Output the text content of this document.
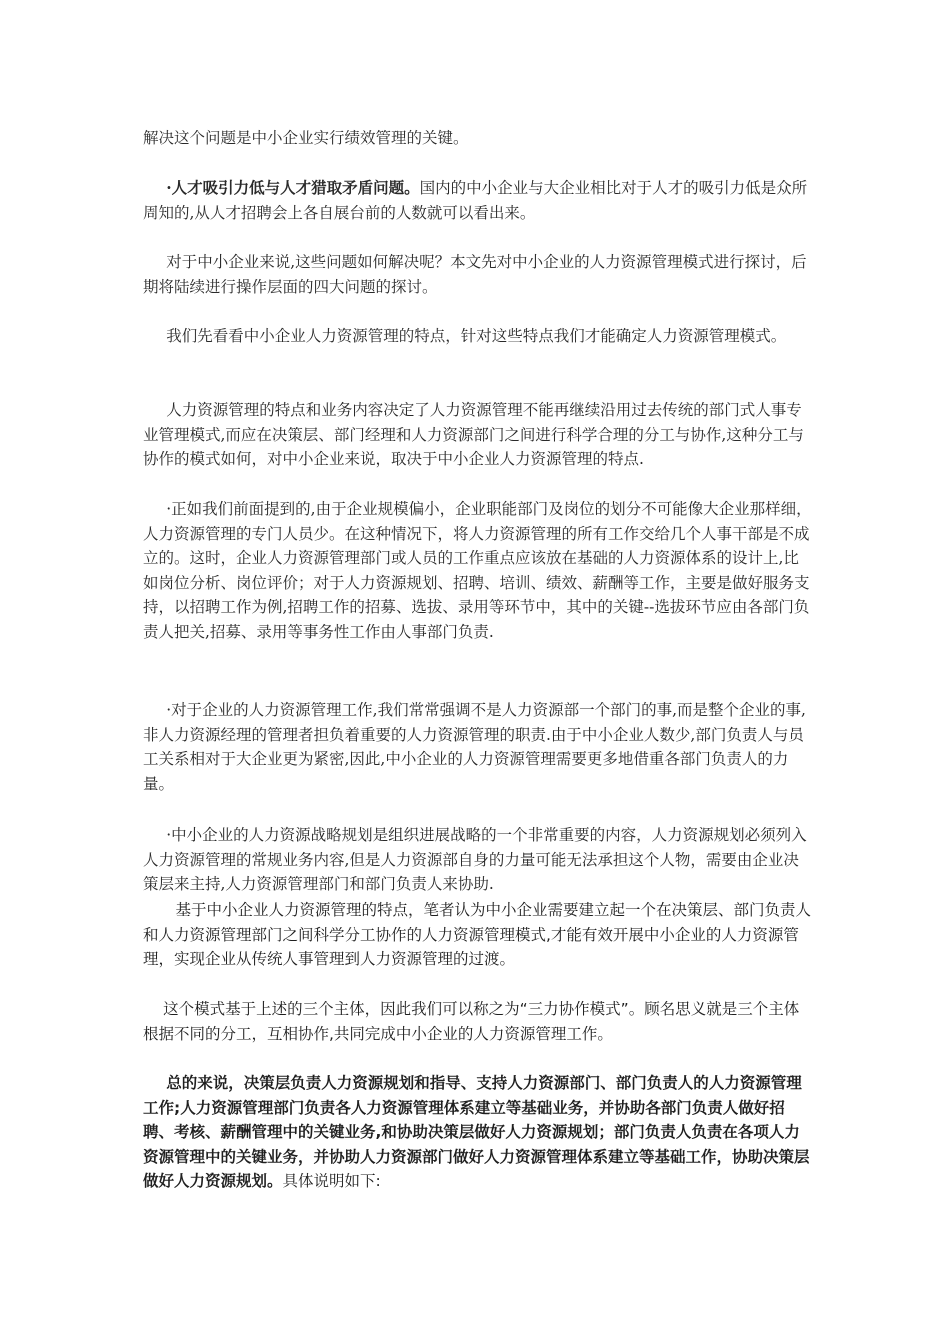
解决这个问题是中小企业实行绩效管理的关键。

·人才吸引力低与人才猎取矛盾问题。国内的中小企业与大企业相比对于人才的吸引力低是众所周知的,从人才招聘会上各自展台前的人数就可以看出来。

对于中小企业来说,这些问题如何解决呢？本文先对中小企业的人力资源管理模式进行探讨，后期将陆续进行操作层面的四大问题的探讨。

我们先看看中小企业人力资源管理的特点，针对这些特点我们才能确定人力资源管理模式。

人力资源管理的特点和业务内容决定了人力资源管理不能再继续沿用过去传统的部门式人事专业管理模式,而应在决策层、部门经理和人力资源部门之间进行科学合理的分工与协作,这种分工与协作的模式如何，对中小企业来说，取决于中小企业人力资源管理的特点.

·正如我们前面提到的,由于企业规模偏小，企业职能部门及岗位的划分不可能像大企业那样细，人力资源管理的专门人员少。在这种情况下，将人力资源管理的所有工作交给几个人事干部是不成立的。这时，企业人力资源管理部门或人员的工作重点应该放在基础的人力资源体系的设计上,比如岗位分析、岗位评价；对于人力资源规划、招聘、培训、绩效、薪酬等工作，主要是做好服务支持，以招聘工作为例,招聘工作的招募、选拔、录用等环节中，其中的关键--选拔环节应由各部门负责人把关,招募、录用等事务性工作由人事部门负责.

·对于企业的人力资源管理工作,我们常常强调不是人力资源部一个部门的事,而是整个企业的事,非人力资源经理的管理者担负着重要的人力资源管理的职责.由于中小企业人数少,部门负责人与员工关系相对于大企业更为紧密,因此,中小企业的人力资源管理需要更多地借重各部门负责人的力量。

·中小企业的人力资源战略规划是组织进展战略的一个非常重要的内容，人力资源规划必须列入人力资源管理的常规业务内容,但是人力资源部自身的力量可能无法承担这个人物，需要由企业决策层来主持,人力资源管理部门和部门负责人来协助.

基于中小企业人力资源管理的特点，笔者认为中小企业需要建立起一个在决策层、部门负责人和人力资源管理部门之间科学分工协作的人力资源管理模式,才能有效开展中小企业的人力资源管理，实现企业从传统人事管理到人力资源管理的过渡。

这个模式基于上述的三个主体，因此我们可以称之为“三力协作模式”。顾名思义就是三个主体根据不同的分工，互相协作,共同完成中小企业的人力资源管理工作。

总的来说，决策层负责人力资源规划和指导、支持人力资源部门、部门负责人的人力资源管理工作;人力资源管理部门负责各人力资源管理体系建立等基础业务，并协助各部门负责人做好招聘、考核、薪酬管理中的关键业务,和协助决策层做好人力资源规划；部门负责人负责在各项人力资源管理中的关键业务，并协助人力资源部门做好人力资源管理体系建立等基础工作，协助决策层做好人力资源规划。具体说明如下:
